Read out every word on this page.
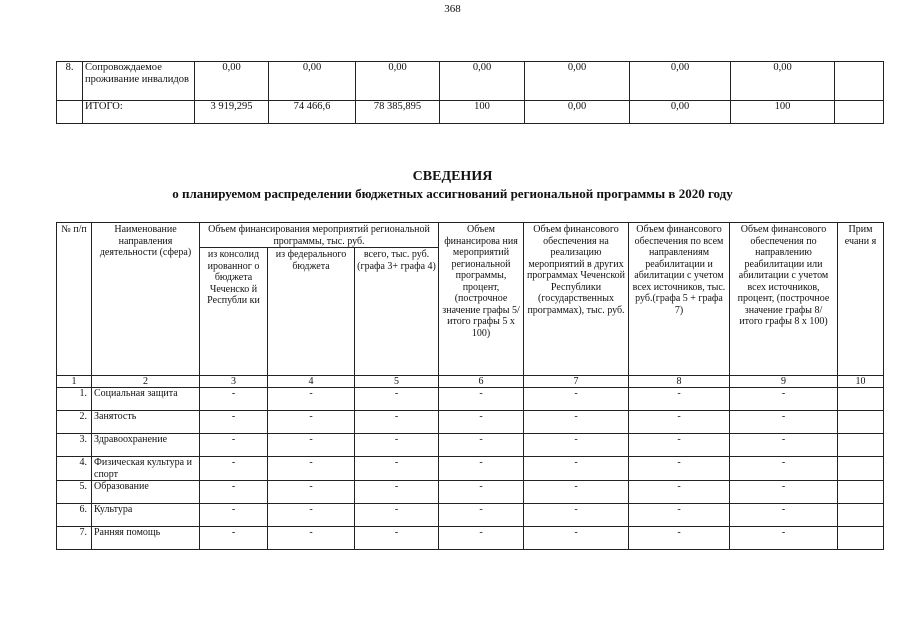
368
8.	Сопровождаемое проживание инвалидов	0,00	0,00	0,00	0,00	0,00	0,00	0,00	
	ИТОГО:	3 919,295	74 466,6	78 385,895	100	0,00	0,00	100	
СВЕДЕНИЯ
о планируемом распределении бюджетных ассигнований региональной программы в 2020 году
№ п/п	Наименование направления деятельности (сфера)	Объем финансирования мероприятий региональной программы, тыс. руб.			Объем финансирова ния мероприятий региональной программы, процент, (построчное значение графы 5/ итого графы 5 х 100)	Объем финансового обеспечения на реализацию мероприятий в других программах Чеченской Республики (государственных программах), тыс. руб.	Объем финансового обеспечения по всем направлениям реабилитации и абилитации с учетом всех источников, тыс. руб.(графа 5 + графа 7)	Объем финансового обеспечения по направлению реабилитации или абилитации с учетом всех источников, процент, (построчное значение графы 8/ итого графы 8 х 100)	Прим ечани я
		из консолид ированног о бюджета Чеченско й Республи ки	из федерального бюджета	всего, тыс. руб. (графа 3+ графа 4)					
1	2	3	4	5	6	7	8	9	10
1.	Социальная защита	-	-	-	-	-	-	-	
2.	Занятость	-	-	-	-	-	-	-	
3.	Здравоохранение	-	-	-	-	-	-	-	
4.	Физическая культура и спорт	-	-	-	-	-	-	-	
5.	Образование	-	-	-	-	-	-	-	
6.	Культура	-	-	-	-	-	-	-	
7.	Ранняя помощь	-	-	-	-	-	-	-	
